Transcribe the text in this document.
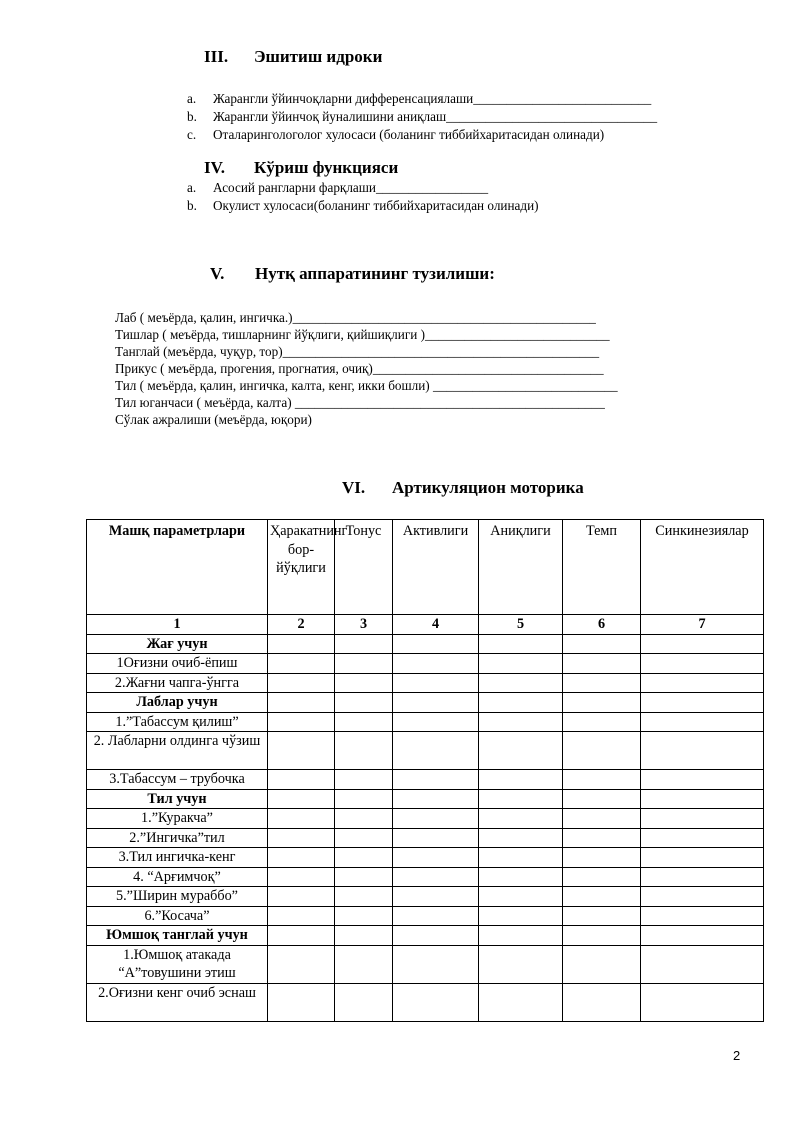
III. Эшитиш идроки
a. Жарангли ўйинчоқларни дифференсациялаши___________________________
b. Жарангли ўйинчоқ йуналишини аниқлаш________________________________
c. Оталарингологолог хулосаси (боланинг тиббийхаритасидан олинади)
IV. Кўриш функцияси
a. Асосий рангларни фарқлаши_________________
b. Окулист хулосаси(боланинг тиббийхаритасидан олинади)
V. Нутқ аппаратининг тузилиши:
Лаб ( меъёрда, қалин, ингичка.)______________________________________________
Тишлар ( меъёрда, тишларнинг йўқлиги, қийшиқлиги )____________________________
Танглай (меъёрда, чуқур, тор)________________________________________________
Прикус ( меъёрда, прогения, прогнатия, очиқ)___________________________________
Тил ( меъёрда, қалин, ингичка, калта, кенг, икки бошли) ____________________________
Тил юганчаси ( меъёрда, калта) _______________________________________________
Сўлак ажралиши (меъёрда, юқори)
VI. Артикуляцион моторика
Машқ параметрлари	Ҳаракатнинг бор-йўқлиги	Тонус	Активлиги	Аниқлиги	Темп	Синкинезиялар
1	2	3	4	5	6	7
Жағ учун						
1Оғизни очиб-ёпиш						
2.Жағни чапга-ўнгга						
Лаблар учун						
1.”Табассум қилиш”						
2. Лабларни олдинга чўзиш						
3.Табассум – трубочка						
Тил учун						
1.”Куракча”						
2.”Ингичка”тил						
3.Тил ингичка-кенг						
4. “Арғимчоқ”						
5.”Ширин мураббо”						
6.”Косача”						
Юмшоқ танглай учун						
1.Юмшоқ атакада “А”товушини этиш						
2.Оғизни кенг очиб эснаш						
2
